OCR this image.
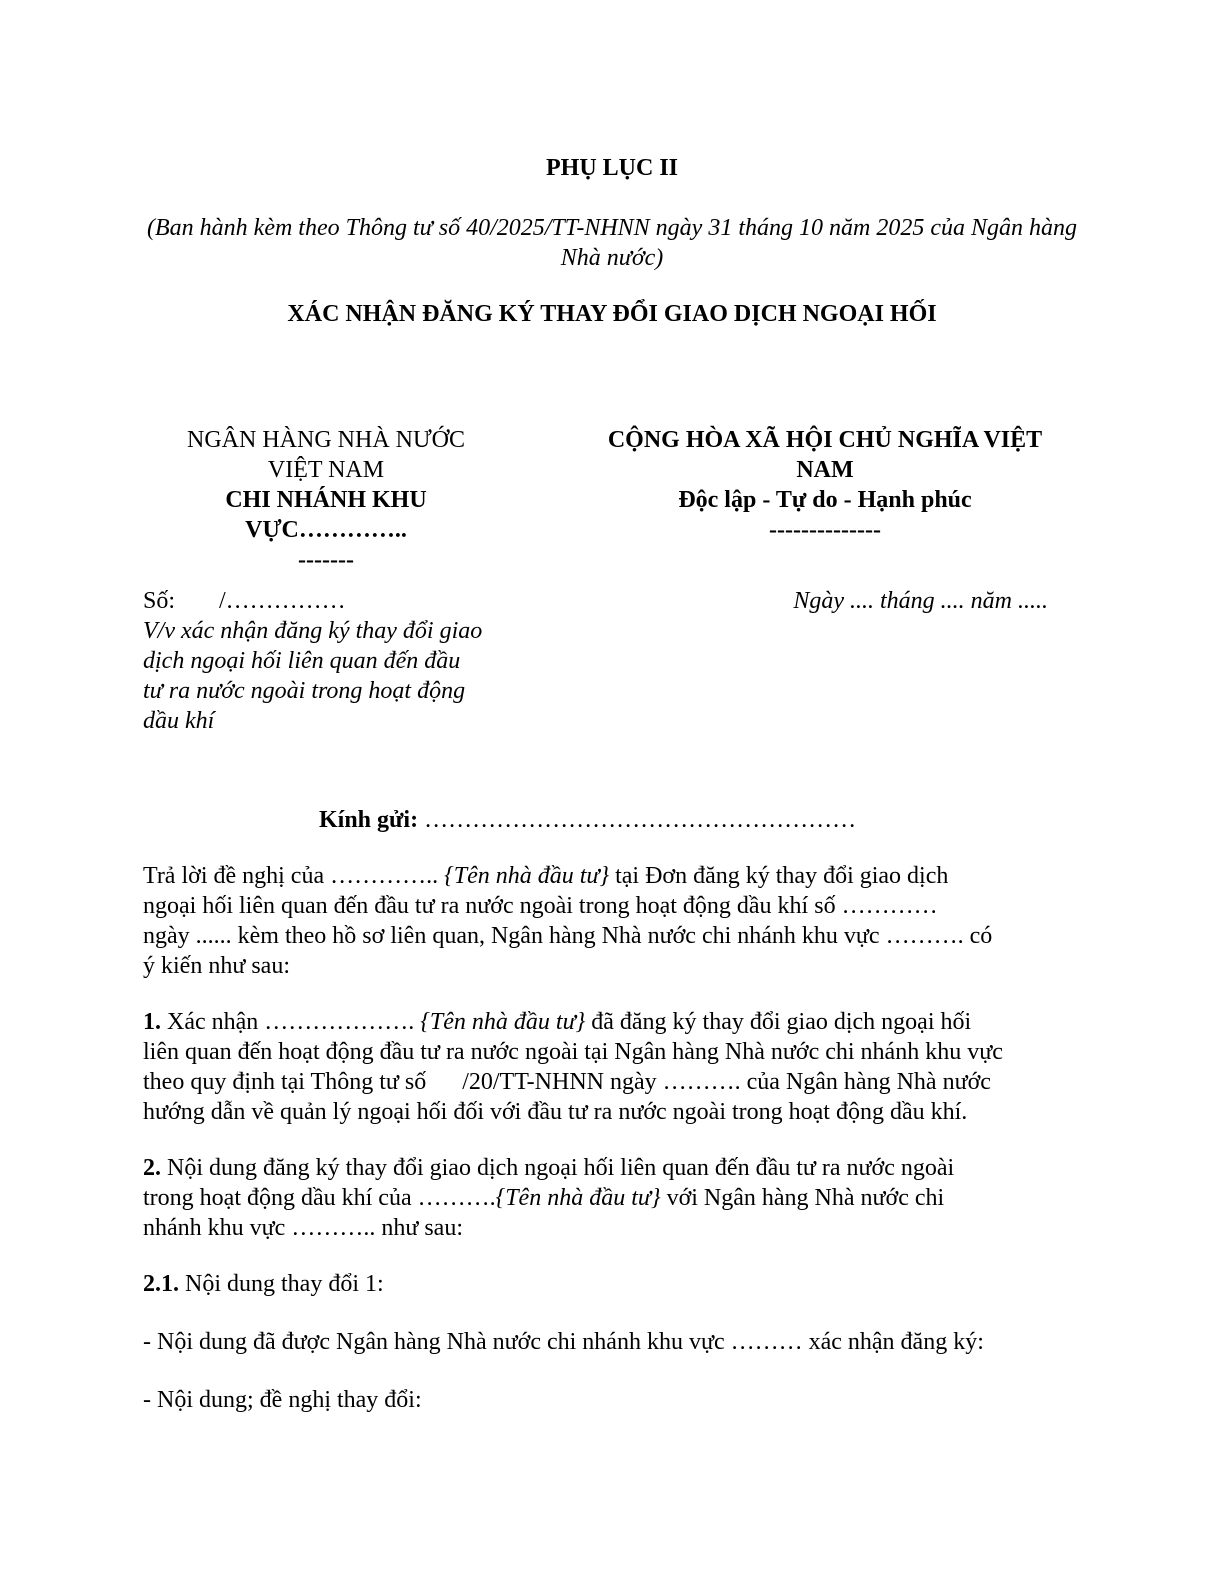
PHỤ LỤC II
(Ban hành kèm theo Thông tư số 40/2025/TT-NHNN ngày 31 tháng 10 năm 2025 của Ngân hàng Nhà nước)
XÁC NHẬN ĐĂNG KÝ THAY ĐỔI GIAO DỊCH NGOẠI HỐI
NGÂN HÀNG NHÀ NƯỚC
VIỆT NAM
CHI NHÁNH KHU
VỰC…………..
-------
CỘNG HÒA XÃ HỘI CHỦ NGHĨA VIỆT
NAM
Độc lập - Tự do - Hạnh phúc
--------------
Số: /……………	Ngày .... tháng .... năm .....
V/v xác nhận đăng ký thay đổi giao
dịch ngoại hối liên quan đến đầu
tư ra nước ngoài trong hoạt động
dầu khí
Kính gửi: ………………………………………………
Trả lời đề nghị của ………….. {Tên nhà đầu tư} tại Đơn đăng ký thay đổi giao dịch
ngoại hối liên quan đến đầu tư ra nước ngoài trong hoạt động dầu khí số …………
ngày ...... kèm theo hồ sơ liên quan, Ngân hàng Nhà nước chi nhánh khu vực ………. có
ý kiến như sau:
1. Xác nhận ………………. {Tên nhà đầu tư} đã đăng ký thay đổi giao dịch ngoại hối
liên quan đến hoạt động đầu tư ra nước ngoài tại Ngân hàng Nhà nước chi nhánh khu vực
theo quy định tại Thông tư số      /20/TT-NHNN ngày ………. của Ngân hàng Nhà nước
hướng dẫn về quản lý ngoại hối đối với đầu tư ra nước ngoài trong hoạt động dầu khí.
2. Nội dung đăng ký thay đổi giao dịch ngoại hối liên quan đến đầu tư ra nước ngoài
trong hoạt động dầu khí của ……….{Tên nhà đầu tư} với Ngân hàng Nhà nước chi
nhánh khu vực ……….. như sau:
2.1. Nội dung thay đổi 1:
- Nội dung đã được Ngân hàng Nhà nước chi nhánh khu vực ……… xác nhận đăng ký:
- Nội dung; đề nghị thay đổi:
